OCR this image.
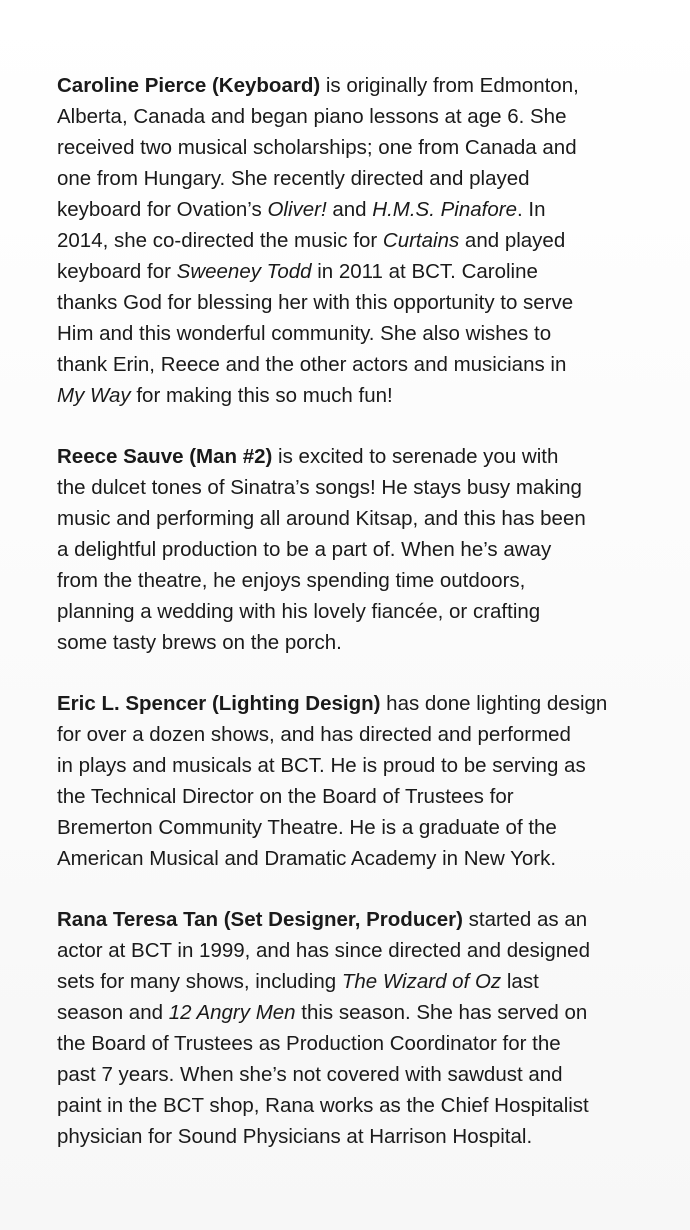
Caroline Pierce (Keyboard) is originally from Edmonton,
Alberta, Canada and began piano lessons at age 6. She
received two musical scholarships; one from Canada and
one from Hungary. She recently directed and played
keyboard for Ovation’s Oliver! and H.M.S. Pinafore. In
2014, she co-directed the music for Curtains and played
keyboard for Sweeney Todd in 2011 at BCT. Caroline
thanks God for blessing her with this opportunity to serve
Him and this wonderful community. She also wishes to
thank Erin, Reece and the other actors and musicians in
My Way for making this so much fun!
Reece Sauve (Man #2) is excited to serenade you with
the dulcet tones of Sinatra’s songs! He stays busy making
music and performing all around Kitsap, and this has been
a delightful production to be a part of. When he’s away
from the theatre, he enjoys spending time outdoors,
planning a wedding with his lovely fiancée, or crafting
some tasty brews on the porch.
Eric L. Spencer (Lighting Design) has done lighting design
for over a dozen shows, and has directed and performed
in plays and musicals at BCT. He is proud to be serving as
the Technical Director on the Board of Trustees for
Bremerton Community Theatre. He is a graduate of the
American Musical and Dramatic Academy in New York.
Rana Teresa Tan (Set Designer, Producer) started as an
actor at BCT in 1999, and has since directed and designed
sets for many shows, including The Wizard of Oz last
season and 12 Angry Men this season. She has served on
the Board of Trustees as Production Coordinator for the
past 7 years. When she’s not covered with sawdust and
paint in the BCT shop, Rana works as the Chief Hospitalist
physician for Sound Physicians at Harrison Hospital.
